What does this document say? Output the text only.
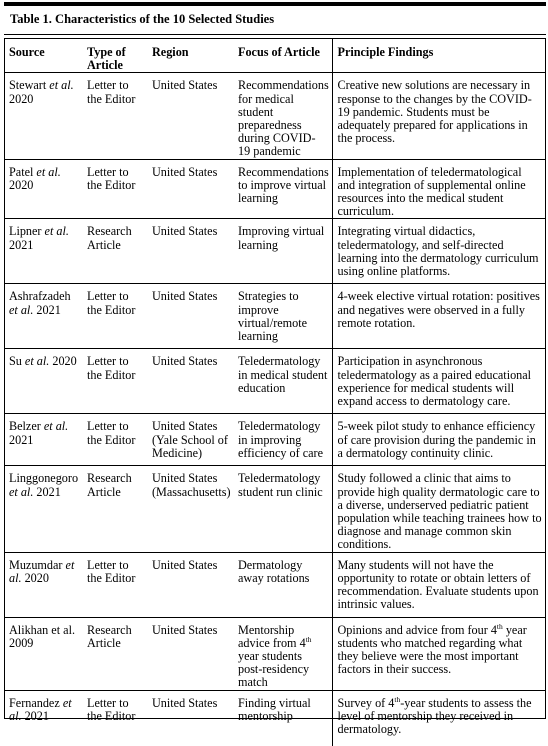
Table 1. Characteristics of the 10 Selected Studies
Source	Type of Article	Region	Focus of Article	Principle Findings
Stewart et al. 2020	Letter to the Editor	United States	Recommendations for medical student preparedness during COVID-19 pandemic	Creative new solutions are necessary in response to the changes by the COVID-19 pandemic. Students must be adequately prepared for applications in the process.
Patel et al. 2020	Letter to the Editor	United States	Recommendations to improve virtual learning	Implementation of teledermatological and integration of supplemental online resources into the medical student curriculum.
Lipner et al. 2021	Research Article	United States	Improving virtual learning	Integrating virtual didactics, teledermatology, and self-directed learning into the dermatology curriculum using online platforms.
Ashrafzadeh et al. 2021	Letter to the Editor	United States	Strategies to improve virtual/remote learning	4-week elective virtual rotation: positives and negatives were observed in a fully remote rotation.
Su et al. 2020	Letter to the Editor	United States	Teledermatology in medical student education	Participation in asynchronous teledermatology as a paired educational experience for medical students will expand access to dermatology care.
Belzer et al. 2021	Letter to the Editor	United States (Yale School of Medicine)	Teledermatology in improving efficiency of care	5-week pilot study to enhance efficiency of care provision during the pandemic in a dermatology continuity clinic.
Linggonegoro et al. 2021	Research Article	United States (Massachusetts)	Teledermatology student run clinic	Study followed a clinic that aims to provide high quality dermatologic care to a diverse, underserved pediatric patient population while teaching trainees how to diagnose and manage common skin conditions.
Muzumdar et al. 2020	Letter to the Editor	United States	Dermatology away rotations	Many students will not have the opportunity to rotate or obtain letters of recommendation. Evaluate students upon intrinsic values.
Alikhan et al. 2009	Research Article	United States	Mentorship advice from 4th year students post-residency match	Opinions and advice from four 4th year students who matched regarding what they believe were the most important factors in their success.
Fernandez et al. 2021	Letter to the Editor	United States	Finding virtual mentorship	Survey of 4th-year students to assess the level of mentorship they received in dermatology.
